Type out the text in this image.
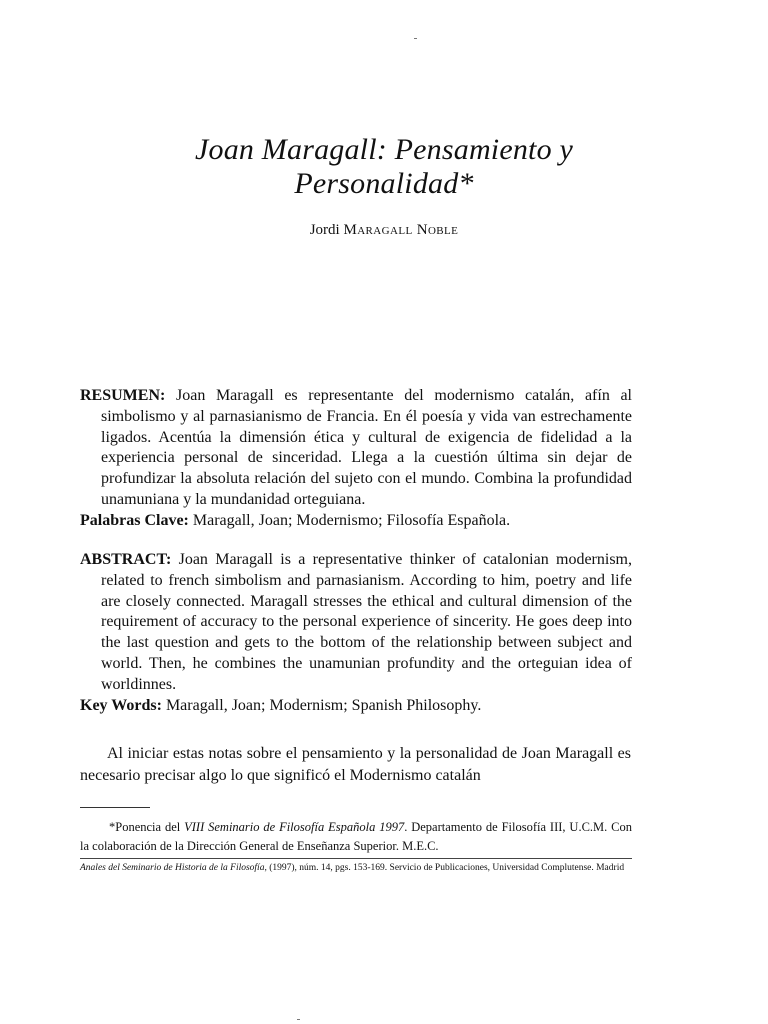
Joan Maragall: Pensamiento y
Personalidad*
Jordi Maragall Noble

RESUMEN: Joan Maragall es representante del modernismo catalán, afín al simbolismo y al parnasianismo de Francia. En él poesía y vida van estrechamente ligados. Acentúa la dimensión ética y cultural de exigencia de fidelidad a la experiencia personal de sinceridad. Llega a la cuestión última sin dejar de profundizar la absoluta relación del sujeto con el mundo. Combina la profundidad unamuniana y la mundanidad orteguiana.

Palabras Clave: Maragall, Joan; Modernismo; Filosofía Española.

ABSTRACT: Joan Maragall is a representative thinker of catalonian modernism, related to french simbolism and parnasianism. According to him, poetry and life are closely connected. Maragall stresses the ethical and cultural dimension of the requirement of accuracy to the personal experience of sincerity. He goes deep into the last question and gets to the bottom of the relationship between subject and world. Then, he combines the unamunian profundity and the orteguian idea of worldinnes.

Key Words: Maragall, Joan; Modernism; Spanish Philosophy.

Al iniciar estas notas sobre el pensamiento y la personalidad de Joan Maragall es necesario precisar algo lo que significó el Modernismo catalán

*Ponencia del VIII Seminario de Filosofía Española 1997. Departamento de Filosofía III, U.C.M. Con la colaboración de la Dirección General de Enseñanza Superior. M.E.C.

Anales del Seminario de Historia de la Filosofía, (1997), núm. 14, pgs. 153-169. Servicio de Publicaciones, Universidad Complutense. Madrid
